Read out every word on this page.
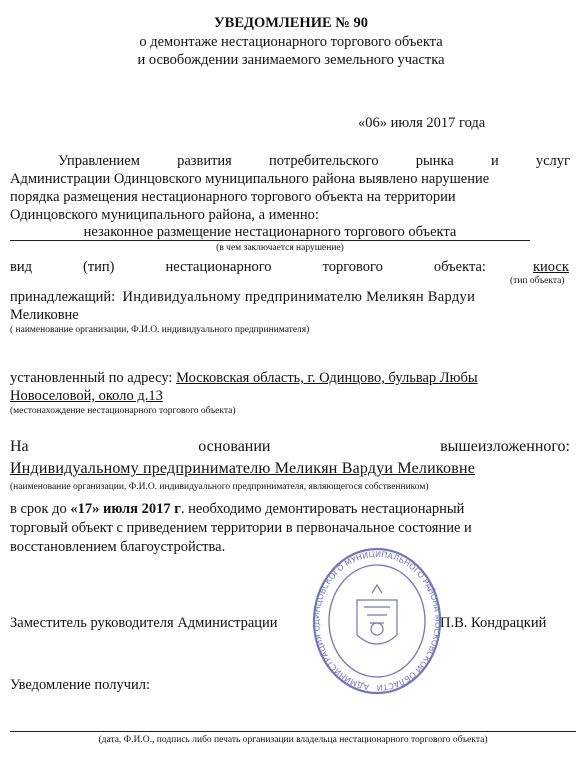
УВЕДОМЛЕНИЕ № 90
о демонтаже нестационарного торгового объекта
и освобождении занимаемого земельного участка
«06» июля 2017 года
Управлением	развития	потребительского	рынка	и	услуг
Администрации Одинцовского муниципального района выявлено нарушение
порядка размещения нестационарного торгового объекта на территории
Одинцовского муниципального района, а именно:
незаконное размещение нестационарного торгового объекта
(в чем заключается нарушение)
вид	(тип)	нестационарного	торгового	объекта:	киоск
(тип объекта)
принадлежащий: Индивидуальному предпринимателю Меликян Вардуи
Меликовне
( наименование организации, Ф.И.О. индивидуального предпринимателя)
установленный по адресу: Московская область, г. Одинцово, бульвар Любы
Новоселовой, около д.13
(местонахождение нестационарного торгового объекта)
На	основании	вышеизложенного:
Индивидуальному предпринимателю Меликян Вардуи Меликовне
(наименование организации, Ф.И.О. индивидуального предпринимателя, являющегося собственником)
в срок до «17» июля 2017 г. необходимо демонтировать нестационарный
торговый объект с приведением территории в первоначальное состояние и
восстановлением благоустройства.
АДМИНИСТРАЦИЯ ОДИНЦОВСКОГО МУНИЦИПАЛЬНОГО РАЙОНА МОСКОВСКОЙ ОБЛАСТИ
Заместитель руководителя Администрации	П.В. Кондрацкий
Уведомление получил:
(дата, Ф.И.О., подпись либо печать организации владельца нестационарного торгового объекта)
